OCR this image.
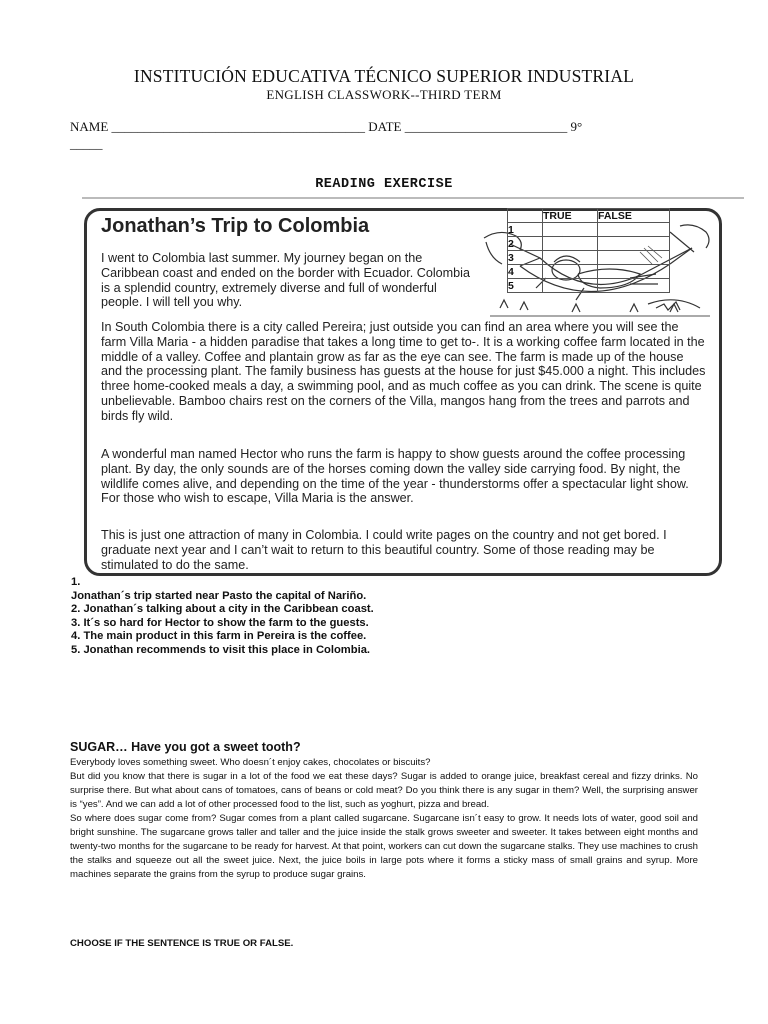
INSTITUCIÓN EDUCATIVA TÉCNICO SUPERIOR INDUSTRIAL
ENGLISH CLASSWORK--THIRD TERM
NAME _______________________________________ DATE _________________________ 9°
_____
READING EXERCISE
Jonathan’s Trip to Colombia
		TRUE	FALSE
1		
2		
3		
4		
5		
I went to Colombia last summer. My journey began on the Caribbean coast and ended on the border with Ecuador. Colombia is a splendid country, extremely diverse and full of wonderful people. I will tell you why.
In South Colombia there is a city called Pereira; just outside you can find an area where you will see the farm Villa Maria - a hidden paradise that takes a long time to get to-. It is a working coffee farm located in the middle of a valley. Coffee and plantain grow as far as the eye can see. The farm is made up of the house and the processing plant. The family business has guests at the house for just $45.000 a night. This includes three home-cooked meals a day, a swimming pool, and as much coffee as you can drink. The scene is quite unbelievable. Bamboo chairs rest on the corners of the Villa, mangos hang from the trees and parrots and birds fly wild.
A wonderful man named Hector who runs the farm is happy to show guests around the coffee processing plant. By day, the only sounds are of the horses coming down the valley side carrying food. By night, the wildlife comes alive, and depending on the time of the year - thunderstorms offer a spectacular light show. For those who wish to escape, Villa Maria is the answer.
This is just one attraction of many in Colombia. I could write pages on the country and not get bored. I graduate next year and I can’t wait to return to this beautiful country. Some of those reading may be stimulated to do the same.
1.
Jonathan´s trip started near Pasto the capital of Nariño.
2. Jonathan´s talking about a city in the Caribbean coast.
3. It´s so hard for Hector to show the farm to the guests.
4. The main product in this farm in Pereira is the coffee.
5. Jonathan recommends to visit this place in Colombia.
SUGAR… Have you got a sweet tooth?
Everybody loves something sweet. Who doesn´t enjoy cakes, chocolates or biscuits?
But did you know that there is sugar in a lot of the food we eat these days? Sugar is added to orange juice, breakfast cereal and fizzy drinks. No surprise there. But what about cans of tomatoes, cans of beans or cold meat? Do you think there is any sugar in them? Well, the surprising answer is “yes”. And we can add a lot of other processed food to the list, such as yoghurt, pizza and bread.
So where does sugar come from? Sugar comes from a plant called sugarcane. Sugarcane isn´t easy to grow. It needs lots of water, good soil and bright sunshine. The sugarcane grows taller and taller and the juice inside the stalk grows sweeter and sweeter. It takes between eight months and twenty-two months for the sugarcane to be ready for harvest. At that point, workers can cut down the sugarcane stalks. They use machines to crush the stalks and squeeze out all the sweet juice. Next, the juice boils in large pots where it forms a sticky mass of small grains and syrup. More machines separate the grains from the syrup to produce sugar grains.
CHOOSE IF THE SENTENCE IS TRUE OR FALSE.
